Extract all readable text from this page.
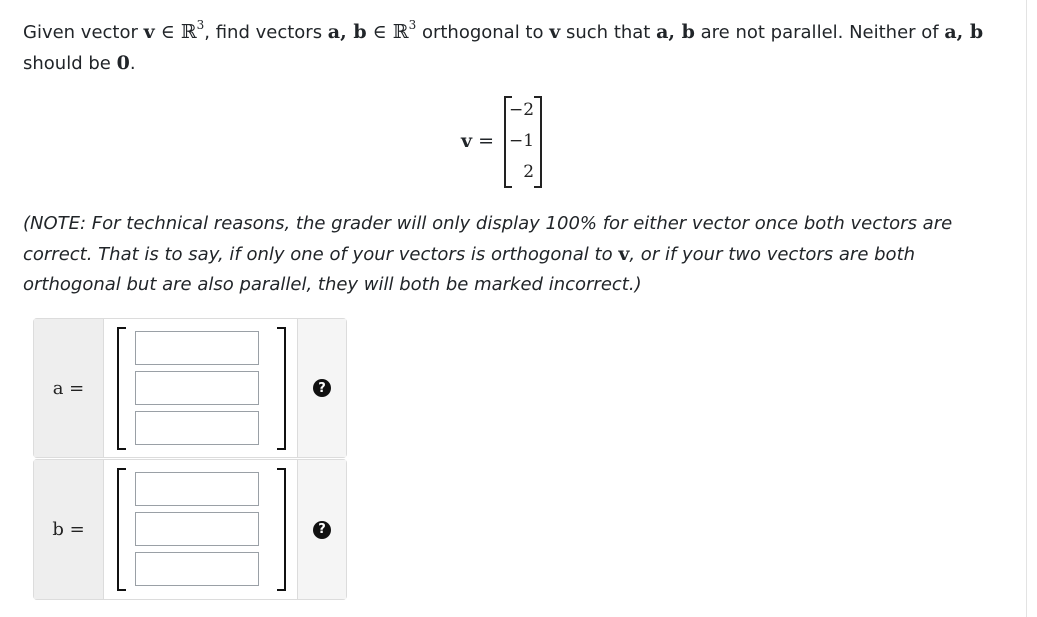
Given vector v ∈ ℝ$^3$, find vectors a, b ∈ ℝ$^3$ orthogonal to v such that a, b are not parallel. Neither of a, b should be 0.
v =
−2
−1
2
(NOTE: For technical reasons, the grader will only display 100% for either vector once both vectors are correct. That is to say, if only one of your vectors is orthogonal to v, or if your two vectors are both orthogonal but are also parallel, they will both be marked incorrect.)
a =	?
b =	?
